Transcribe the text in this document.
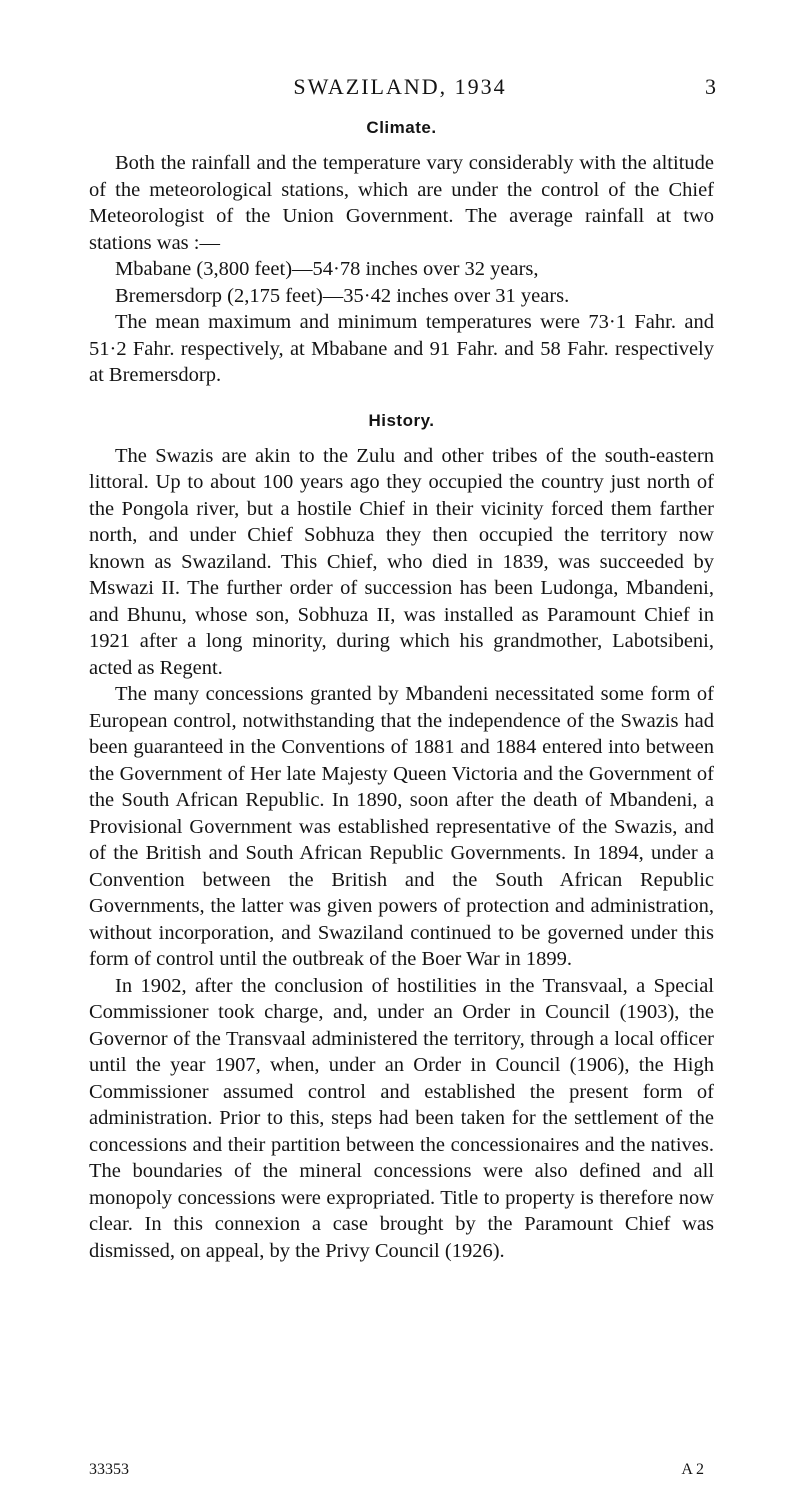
SWAZILAND, 1934	3
Climate.

Both the rainfall and the temperature vary considerably with the altitude of the meteorological stations, which are under the control of the Chief Meteorologist of the Union Government. The average rainfall at two stations was :—

Mbabane (3,800 feet)—54·78 inches over 32 years,

Bremersdorp (2,175 feet)—35·42 inches over 31 years.

The mean maximum and minimum temperatures were 73·1 Fahr. and 51·2 Fahr. respectively, at Mbabane and 91 Fahr. and 58 Fahr. respectively at Bremersdorp.

History.

The Swazis are akin to the Zulu and other tribes of the south-eastern littoral. Up to about 100 years ago they occupied the country just north of the Pongola river, but a hostile Chief in their vicinity forced them farther north, and under Chief Sobhuza they then occupied the territory now known as Swaziland. This Chief, who died in 1839, was succeeded by Mswazi II. The further order of succession has been Ludonga, Mbandeni, and Bhunu, whose son, Sobhuza II, was installed as Paramount Chief in 1921 after a long minority, during which his grandmother, Labotsibeni, acted as Regent.

The many concessions granted by Mbandeni necessitated some form of European control, notwithstanding that the independence of the Swazis had been guaranteed in the Conventions of 1881 and 1884 entered into between the Government of Her late Majesty Queen Victoria and the Government of the South African Republic. In 1890, soon after the death of Mbandeni, a Provisional Government was established representative of the Swazis, and of the British and South African Republic Governments. In 1894, under a Convention between the British and the South African Republic Governments, the latter was given powers of protection and administration, without incorporation, and Swaziland continued to be governed under this form of control until the outbreak of the Boer War in 1899.

In 1902, after the conclusion of hostilities in the Transvaal, a Special Commissioner took charge, and, under an Order in Council (1903), the Governor of the Transvaal administered the territory, through a local officer until the year 1907, when, under an Order in Council (1906), the High Commissioner assumed control and established the present form of administration. Prior to this, steps had been taken for the settlement of the concessions and their partition between the concessionaires and the natives. The boundaries of the mineral concessions were also defined and all monopoly concessions were expropriated. Title to property is therefore now clear. In this connexion a case brought by the Paramount Chief was dismissed, on appeal, by the Privy Council (1926).

33353	A 2
